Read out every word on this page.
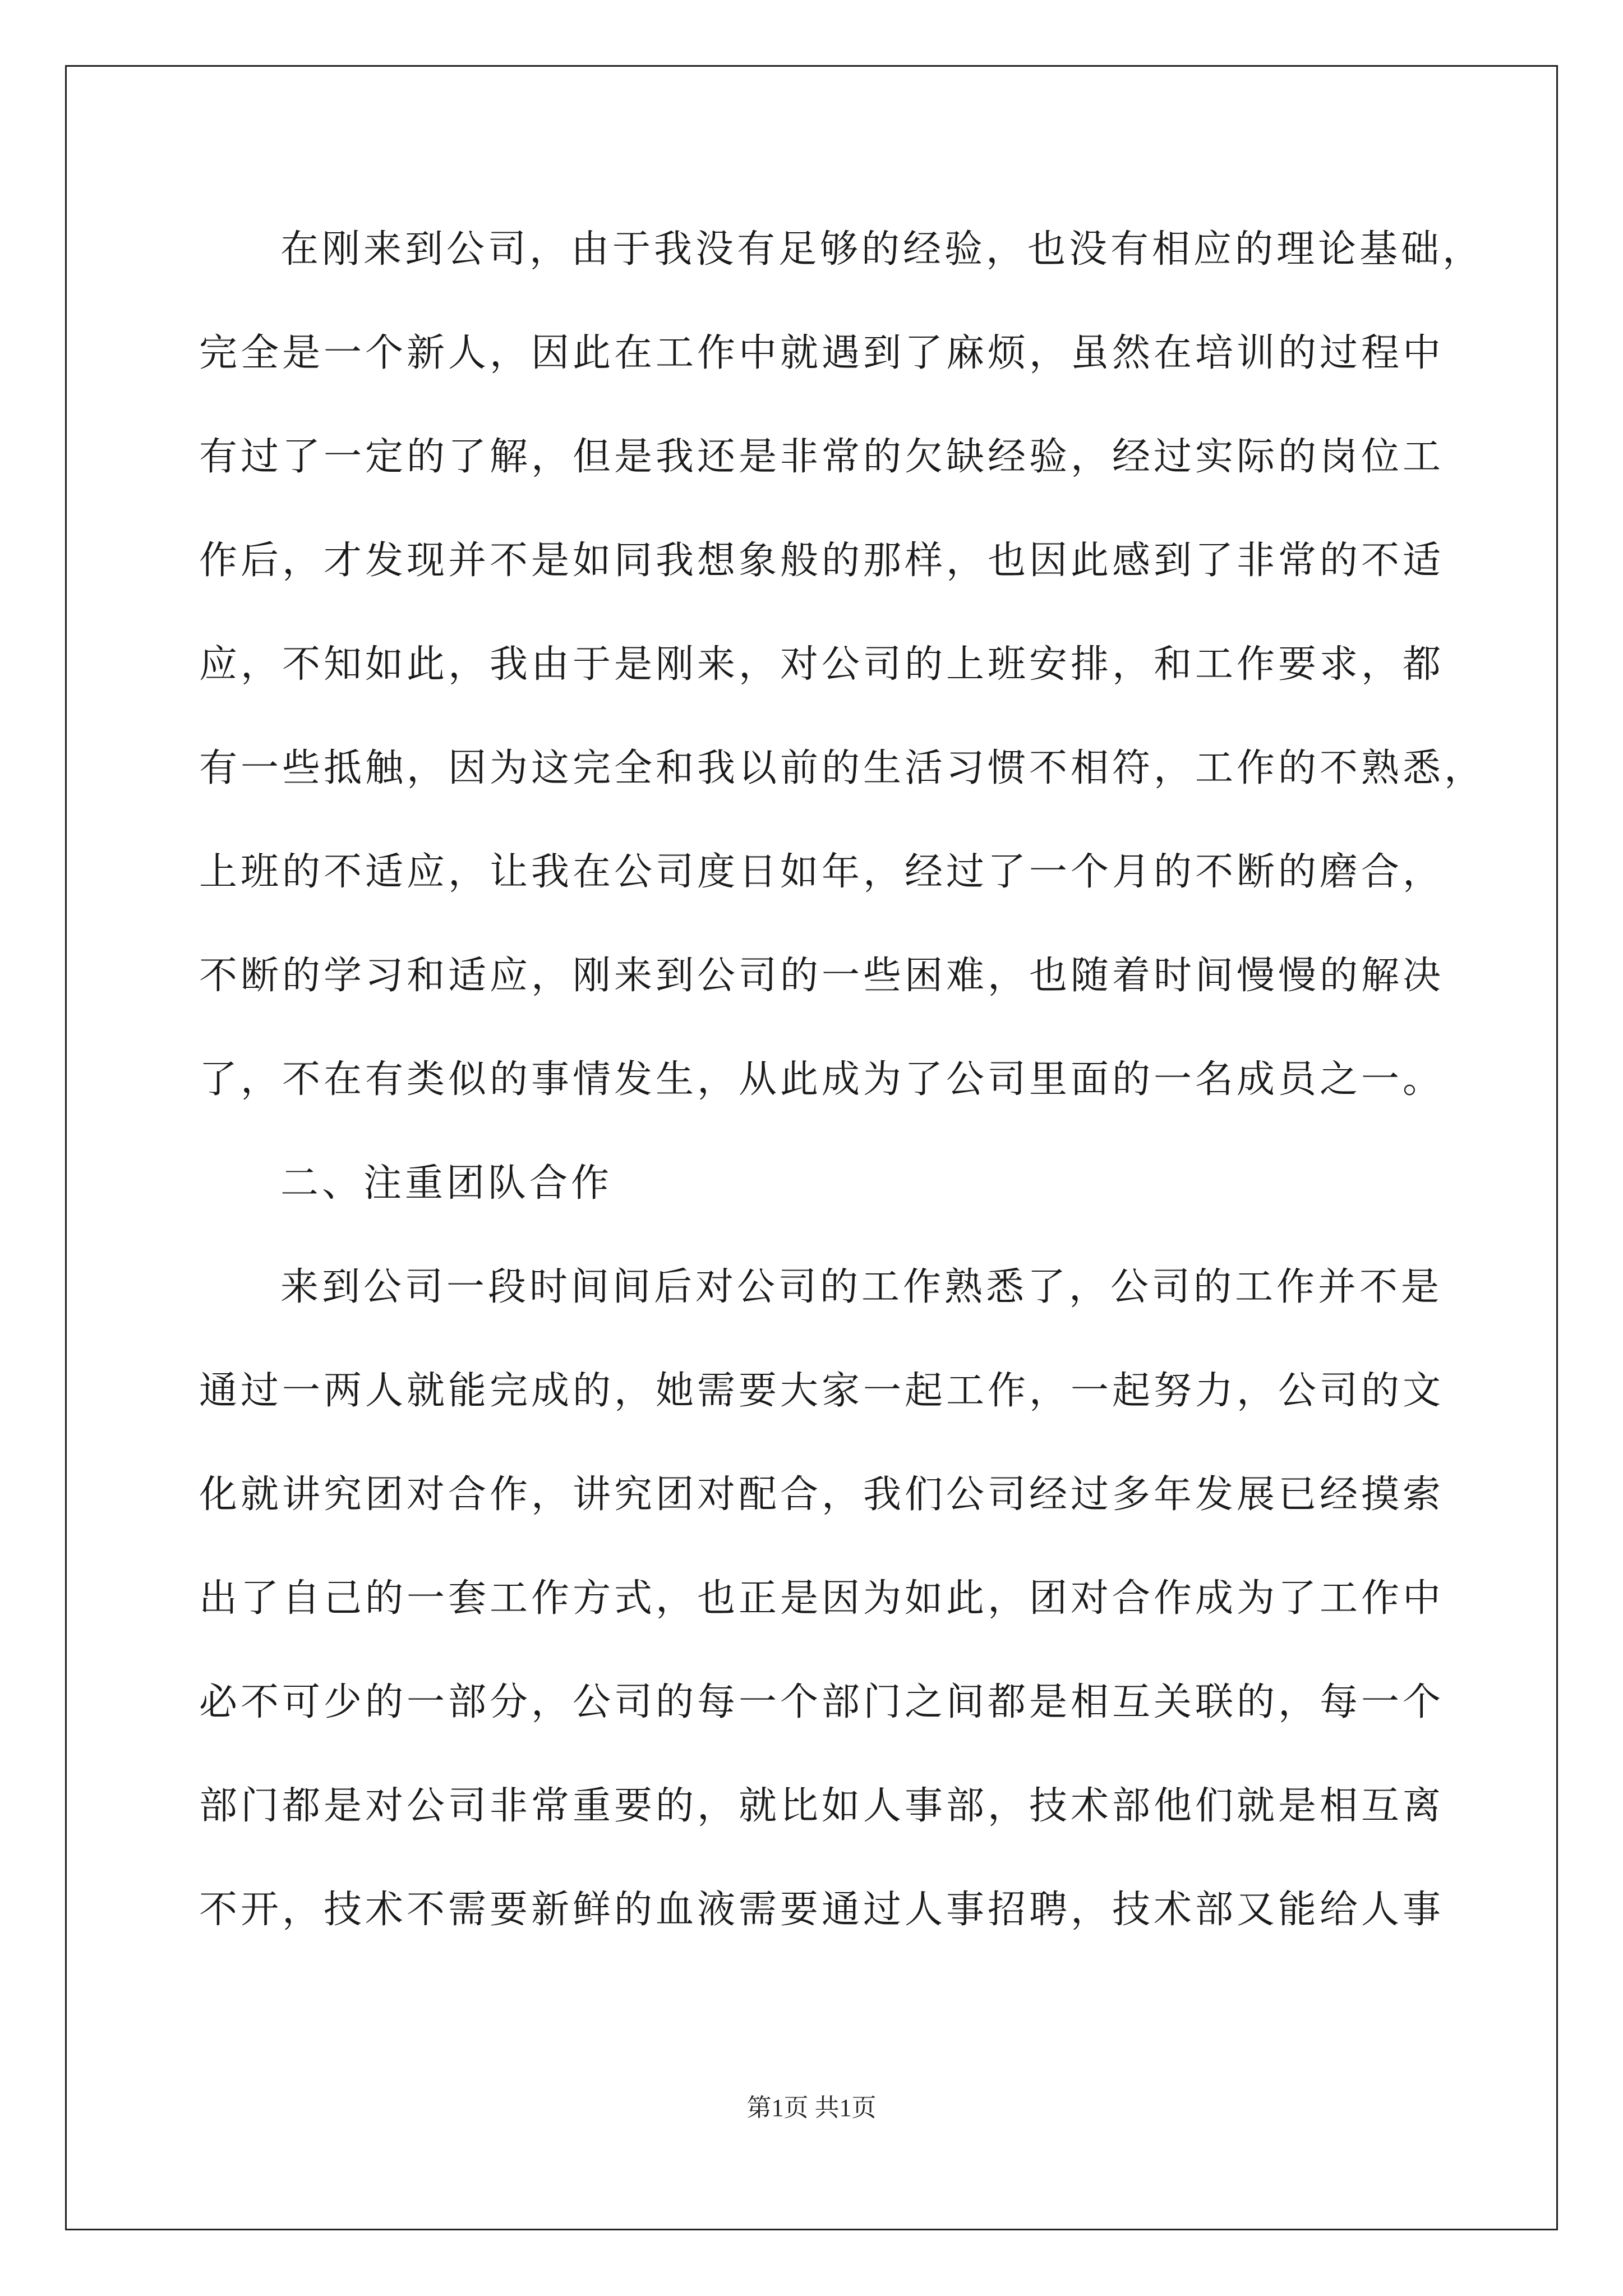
在刚来到公司，由于我没有足够的经验，也没有相应的理论基础，
完全是一个新人，因此在工作中就遇到了麻烦，虽然在培训的过程中
有过了一定的了解，但是我还是非常的欠缺经验，经过实际的岗位工
作后，才发现并不是如同我想象般的那样，也因此感到了非常的不适
应，不知如此，我由于是刚来，对公司的上班安排，和工作要求，都
有一些抵触，因为这完全和我以前的生活习惯不相符，工作的不熟悉，
上班的不适应，让我在公司度日如年，经过了一个月的不断的磨合，
不断的学习和适应，刚来到公司的一些困难，也随着时间慢慢的解决
了，不在有类似的事情发生，从此成为了公司里面的一名成员之一。
二、注重团队合作
来到公司一段时间间后对公司的工作熟悉了，公司的工作并不是
通过一两人就能完成的，她需要大家一起工作，一起努力，公司的文
化就讲究团对合作，讲究团对配合，我们公司经过多年发展已经摸索
出了自己的一套工作方式，也正是因为如此，团对合作成为了工作中
必不可少的一部分，公司的每一个部门之间都是相互关联的，每一个
部门都是对公司非常重要的，就比如人事部，技术部他们就是相互离
不开，技术不需要新鲜的血液需要通过人事招聘，技术部又能给人事
第1页 共1页
